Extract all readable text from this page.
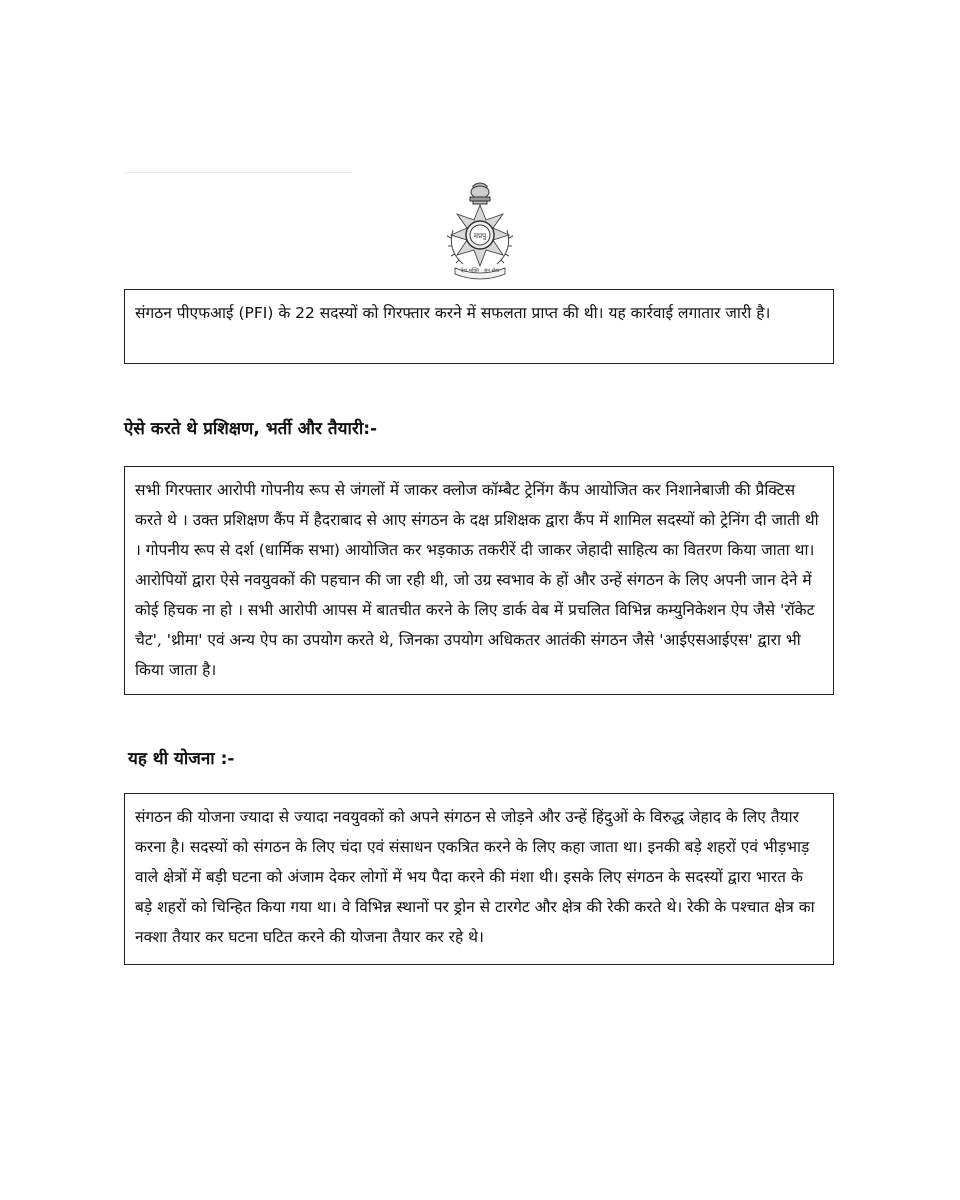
मप्रपु
देश भक्ति · जन सेवा
संगठन पीएफआई (PFI) के 22 सदस्यों को गिरफ्तार करने में सफलता प्राप्त की थी। यह कार्रवाई लगातार जारी है।
ऐसे करते थे प्रशिक्षण, भर्ती और तैयारी:-
सभी गिरफ्तार आरोपी गोपनीय रूप से जंगलों में जाकर क्लोज कॉम्बैट ट्रेनिंग कैंप आयोजित कर निशानेबाजी की प्रैक्टिस करते थे । उक्त प्रशिक्षण कैंप में हैदराबाद से आए संगठन के दक्ष प्रशिक्षक द्वारा कैंप में शामिल सदस्यों को ट्रेनिंग दी जाती थी । गोपनीय रूप से दर्श (धार्मिक सभा) आयोजित कर भड़काऊ तकरीरें दी जाकर जेहादी साहित्य का वितरण किया जाता था। आरोपियों द्वारा ऐसे नवयुवकों की पहचान की जा रही थी, जो उग्र स्वभाव के हों और उन्हें संगठन के लिए अपनी जान देने में कोई हिचक ना हो । सभी आरोपी आपस में बातचीत करने के लिए डार्क वेब में प्रचलित विभिन्न कम्युनिकेशन ऐप जैसे 'रॉकेट चैट', 'थ्रीमा' एवं अन्य ऐप का उपयोग करते थे, जिनका उपयोग अधिकतर आतंकी संगठन जैसे 'आईएसआईएस' द्वारा भी किया जाता है।
यह थी योजना :-
संगठन की योजना ज्यादा से ज्यादा नवयुवकों को अपने संगठन से जोड़ने और उन्हें हिंदुओं के विरुद्ध जेहाद के लिए तैयार करना है। सदस्यों को संगठन के लिए चंदा एवं संसाधन एकत्रित करने के लिए कहा जाता था। इनकी बड़े शहरों एवं भीड़भाड़ वाले क्षेत्रों में बड़ी घटना को अंजाम देकर लोगों में भय पैदा करने की मंशा थी। इसके लिए संगठन के सदस्यों द्वारा भारत के बड़े शहरों को चिन्हित किया गया था। वे विभिन्न स्थानों पर ड्रोन से टारगेट और क्षेत्र की रेकी करते थे। रेकी के पश्चात क्षेत्र का नक्शा तैयार कर घटना घटित करने की योजना तैयार कर रहे थे।
